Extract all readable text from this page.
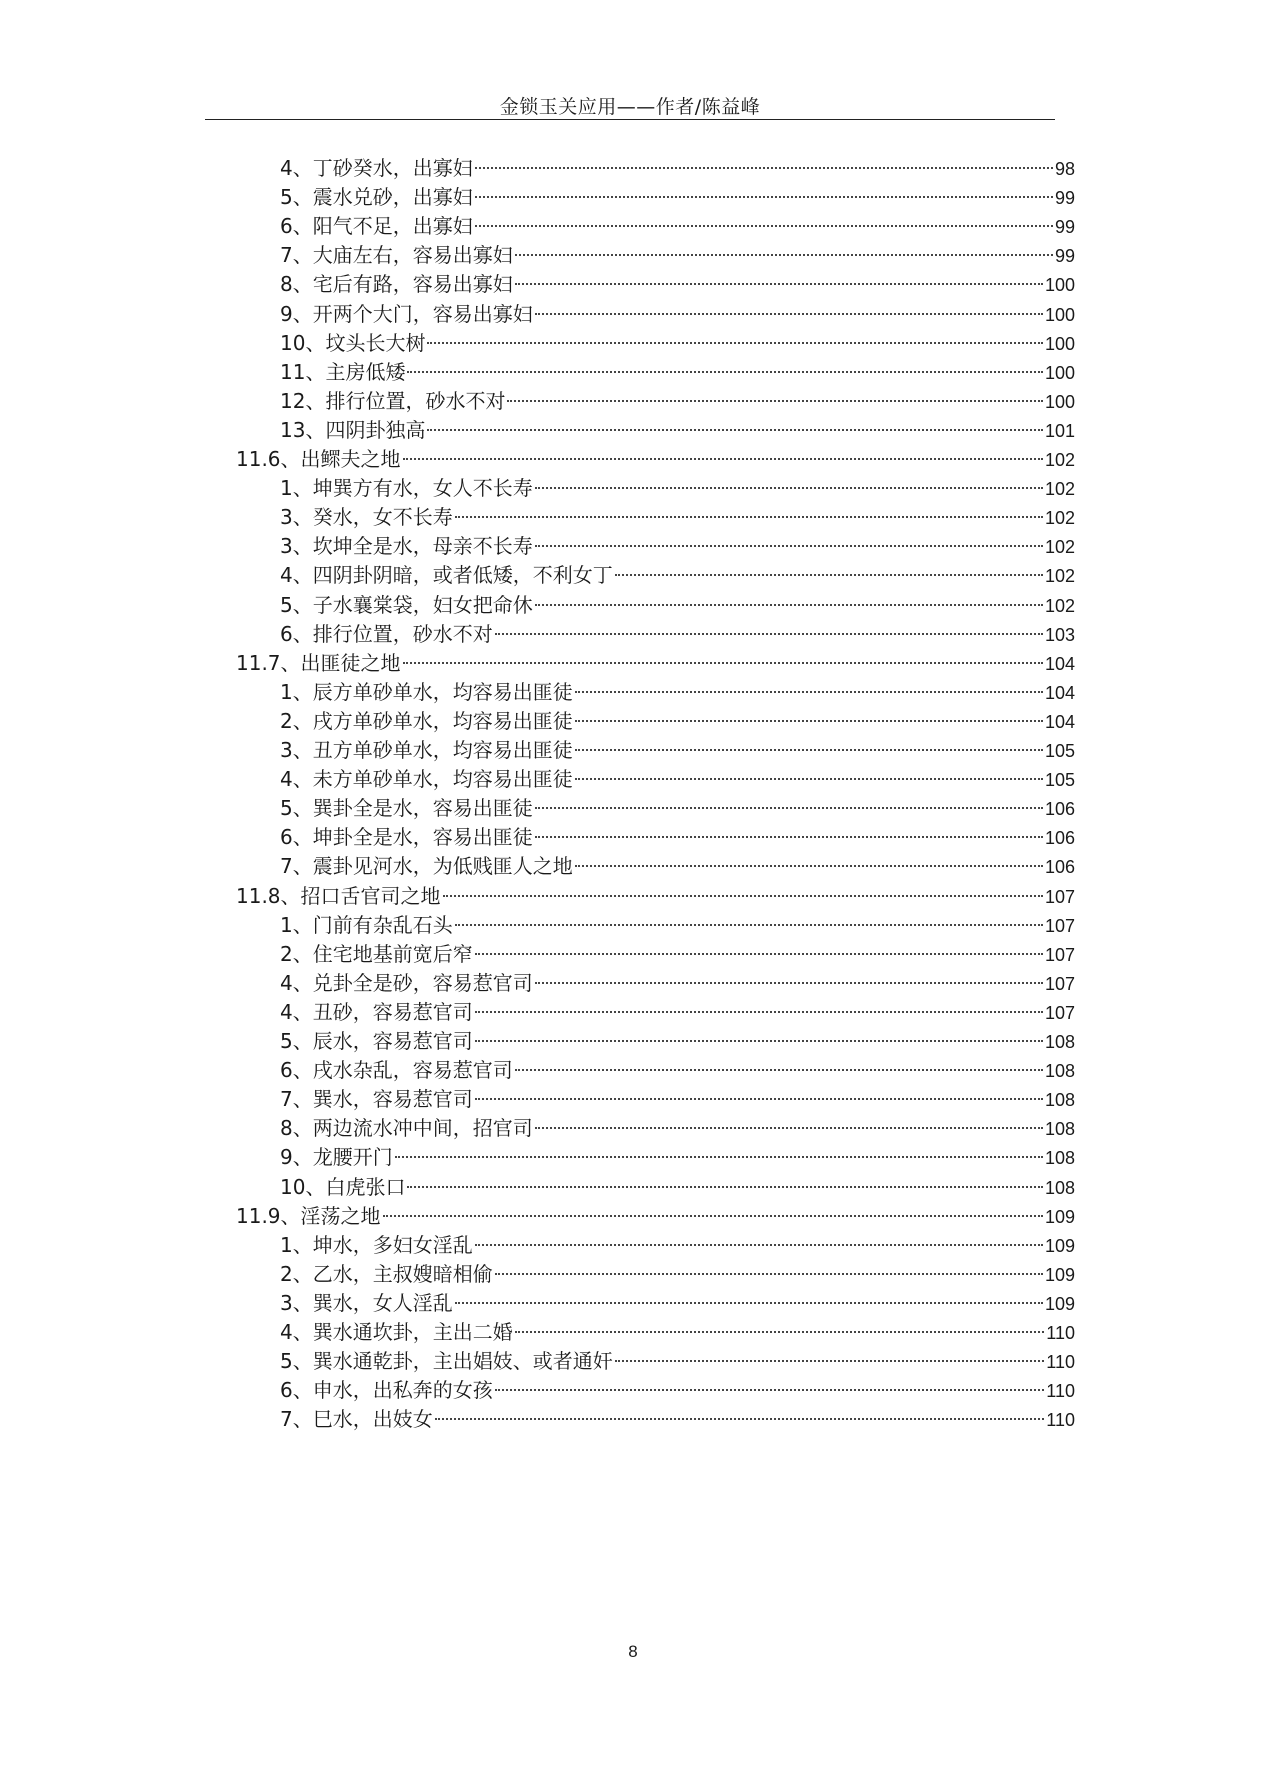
金锁玉关应用——作者/陈益峰
4、丁砂癸水，出寡妇	98
5、震水兑砂，出寡妇	99
6、阳气不足，出寡妇	99
7、大庙左右，容易出寡妇	99
8、宅后有路，容易出寡妇	100
9、开两个大门，容易出寡妇	100
10、坟头长大树	100
11、主房低矮	100
12、排行位置，砂水不对	100
13、四阴卦独高	101
11.6、出鳏夫之地	102
1、坤巽方有水，女人不长寿	102
3、癸水，女不长寿	102
3、坎坤全是水，母亲不长寿	102
4、四阴卦阴暗，或者低矮，不利女丁	102
5、子水襄棠袋，妇女把命休	102
6、排行位置，砂水不对	103
11.7、出匪徒之地	104
1、辰方单砂单水，均容易出匪徒	104
2、戌方单砂单水，均容易出匪徒	104
3、丑方单砂单水，均容易出匪徒	105
4、未方单砂单水，均容易出匪徒	105
5、巽卦全是水，容易出匪徒	106
6、坤卦全是水，容易出匪徒	106
7、震卦见河水，为低贱匪人之地	106
11.8、招口舌官司之地	107
1、门前有杂乱石头	107
2、住宅地基前宽后窄	107
4、兑卦全是砂，容易惹官司	107
4、丑砂，容易惹官司	107
5、辰水，容易惹官司	108
6、戌水杂乱，容易惹官司	108
7、巽水，容易惹官司	108
8、两边流水冲中间，招官司	108
9、龙腰开门	108
10、白虎张口	108
11.9、淫荡之地	109
1、坤水，多妇女淫乱	109
2、乙水，主叔嫂暗相偷	109
3、巽水，女人淫乱	109
4、巽水通坎卦，主出二婚	110
5、巽水通乾卦，主出娼妓、或者通奸	110
6、申水，出私奔的女孩	110
7、巳水，出妓女	110
8
